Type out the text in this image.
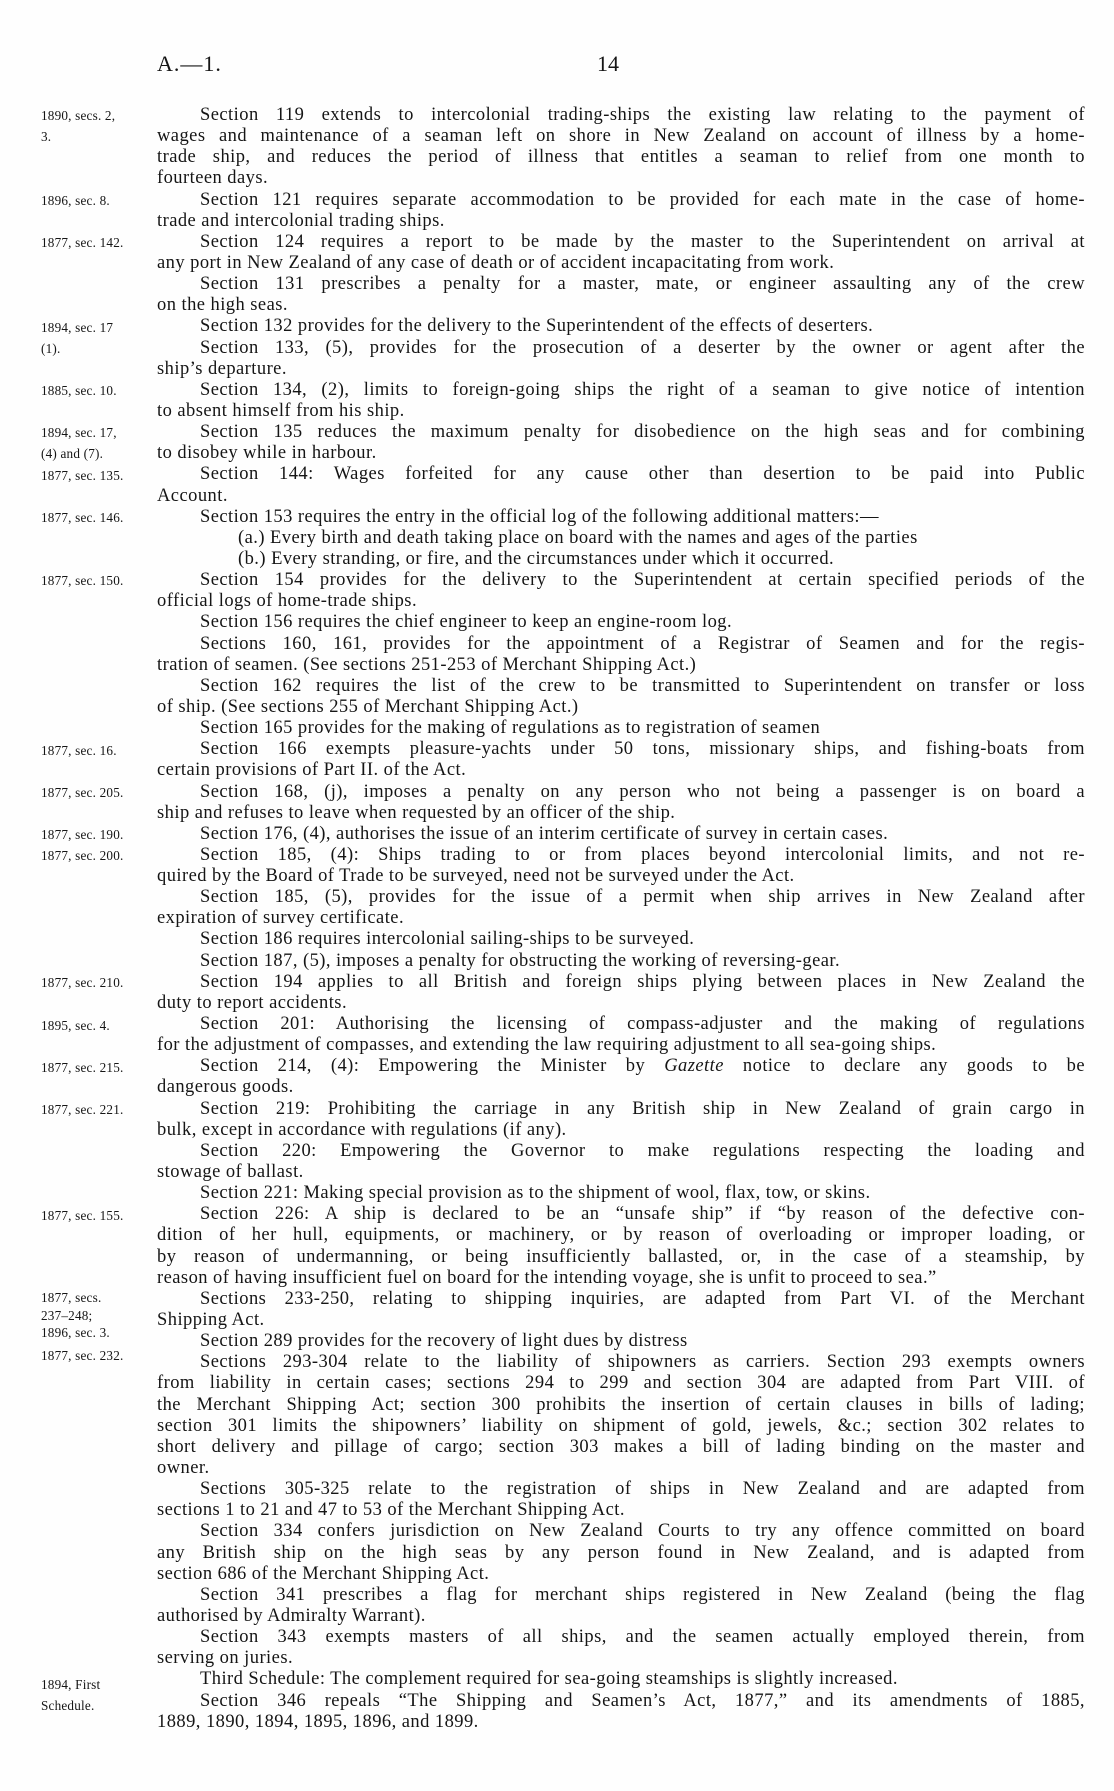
A.—1.	14
1890, secs. 2,
3.
1896, sec. 8.
1877, sec. 142.
1894, sec. 17
(1).
1885, sec. 10.
1894, sec. 17,
(4) and (7).
1877, sec. 135.
1877, sec. 146.
1877, sec. 150.
1877, sec. 16.
1877, sec. 205.
1877, sec. 190.
1877, sec. 200.
1877, sec. 210.
1895, sec. 4.
1877, sec. 215.
1877, sec. 221.
1877, sec. 155.
1877, secs.
237–248;
1896, sec. 3.
1877, sec. 232.
1894, First
Schedule.
Section 119 extends to intercolonial trading-ships the existing law relating to the payment of
wages and maintenance of a seaman left on shore in New Zealand on account of illness by a home-
trade ship, and reduces the period of illness that entitles a seaman to relief from one month to
fourteen days.
Section 121 requires separate accommodation to be provided for each mate in the case of home-
trade and intercolonial trading ships.
Section 124 requires a report to be made by the master to the Superintendent on arrival at
any port in New Zealand of any case of death or of accident incapacitating from work.
Section 131 prescribes a penalty for a master, mate, or engineer assaulting any of the crew
on the high seas.
Section 132 provides for the delivery to the Superintendent of the effects of deserters.
Section 133, (5), provides for the prosecution of a deserter by the owner or agent after the
ship’s departure.
Section 134, (2), limits to foreign-going ships the right of a seaman to give notice of intention
to absent himself from his ship.
Section 135 reduces the maximum penalty for disobedience on the high seas and for combining
to disobey while in harbour.
Section 144: Wages forfeited for any cause other than desertion to be paid into Public
Account.
Section 153 requires the entry in the official log of the following additional matters:—
(a.) Every birth and death taking place on board with the names and ages of the parties
(b.) Every stranding, or fire, and the circumstances under which it occurred.
Section 154 provides for the delivery to the Superintendent at certain specified periods of the
official logs of home-trade ships.
Section 156 requires the chief engineer to keep an engine-room log.
Sections 160, 161, provides for the appointment of a Registrar of Seamen and for the regis-
tration of seamen. (See sections 251-253 of Merchant Shipping Act.)
Section 162 requires the list of the crew to be transmitted to Superintendent on transfer or loss
of ship. (See sections 255 of Merchant Shipping Act.)
Section 165 provides for the making of regulations as to registration of seamen
Section 166 exempts pleasure-yachts under 50 tons, missionary ships, and fishing-boats from
certain provisions of Part II. of the Act.
Section 168, (j), imposes a penalty on any person who not being a passenger is on board a
ship and refuses to leave when requested by an officer of the ship.
Section 176, (4), authorises the issue of an interim certificate of survey in certain cases.
Section 185, (4): Ships trading to or from places beyond intercolonial limits, and not re-
quired by the Board of Trade to be surveyed, need not be surveyed under the Act.
Section 185, (5), provides for the issue of a permit when ship arrives in New Zealand after
expiration of survey certificate.
Section 186 requires intercolonial sailing-ships to be surveyed.
Section 187, (5), imposes a penalty for obstructing the working of reversing-gear.
Section 194 applies to all British and foreign ships plying between places in New Zealand the
duty to report accidents.
Section 201: Authorising the licensing of compass-adjuster and the making of regulations
for the adjustment of compasses, and extending the law requiring adjustment to all sea-going ships.
Section 214, (4): Empowering the Minister by Gazette notice to declare any goods to be
dangerous goods.
Section 219: Prohibiting the carriage in any British ship in New Zealand of grain cargo in
bulk, except in accordance with regulations (if any).
Section 220: Empowering the Governor to make regulations respecting the loading and
stowage of ballast.
Section 221: Making special provision as to the shipment of wool, flax, tow, or skins.
Section 226: A ship is declared to be an “unsafe ship” if “by reason of the defective con-
dition of her hull, equipments, or machinery, or by reason of overloading or improper loading, or
by reason of undermanning, or being insufficiently ballasted, or, in the case of a steamship, by
reason of having insufficient fuel on board for the intending voyage, she is unfit to proceed to sea.”
Sections 233-250, relating to shipping inquiries, are adapted from Part VI. of the Merchant
Shipping Act.
Section 289 provides for the recovery of light dues by distress
Sections 293-304 relate to the liability of shipowners as carriers. Section 293 exempts owners
from liability in certain cases; sections 294 to 299 and section 304 are adapted from Part VIII. of
the Merchant Shipping Act; section 300 prohibits the insertion of certain clauses in bills of lading;
section 301 limits the shipowners’ liability on shipment of gold, jewels, &c.; section 302 relates to
short delivery and pillage of cargo; section 303 makes a bill of lading binding on the master and
owner.
Sections 305-325 relate to the registration of ships in New Zealand and are adapted from
sections 1 to 21 and 47 to 53 of the Merchant Shipping Act.
Section 334 confers jurisdiction on New Zealand Courts to try any offence committed on board
any British ship on the high seas by any person found in New Zealand, and is adapted from
section 686 of the Merchant Shipping Act.
Section 341 prescribes a flag for merchant ships registered in New Zealand (being the flag
authorised by Admiralty Warrant).
Section 343 exempts masters of all ships, and the seamen actually employed therein, from
serving on juries.
Third Schedule: The complement required for sea-going steamships is slightly increased.
Section 346 repeals “The Shipping and Seamen’s Act, 1877,” and its amendments of 1885,
1889, 1890, 1894, 1895, 1896, and 1899.
